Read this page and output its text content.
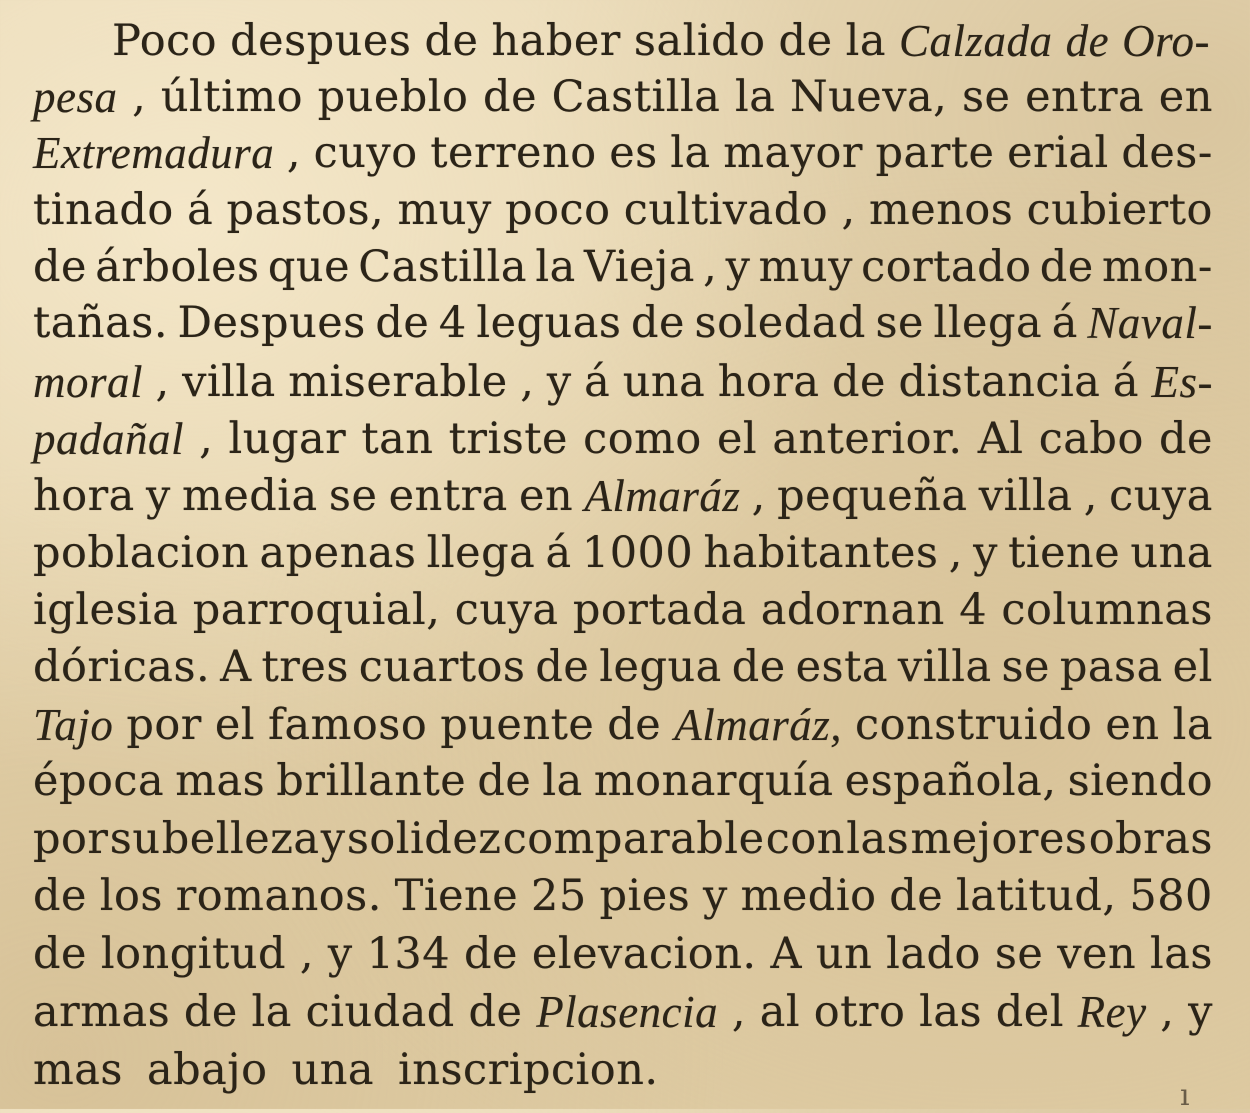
Poco despues de haber salido de la Calzada de Oro-
pesa , último pueblo de Castilla la Nueva, se entra en
Extremadura , cuyo terreno es la mayor parte erial des-
tinado á pastos, muy poco cultivado , menos cubierto
de árboles que Castilla la Vieja , y muy cortado de mon-
tañas. Despues de 4 leguas de soledad se llega á Naval-
moral , villa miserable , y á una hora de distancia á Es-
padañal , lugar tan triste como el anterior. Al cabo de
hora y media se entra en Almaráz , pequeña villa , cuya
poblacion apenas llega á 1000 habitantes , y tiene una
iglesia parroquial, cuya portada adornan 4 columnas
dóricas. A tres cuartos de legua de esta villa se pasa el
Tajo por el famoso puente de Almaráz, construido en la
época mas brillante de la monarquía española, siendo
por su belleza y solidez comparable con las mejores obras
de los romanos. Tiene 25 pies y medio de latitud, 580
de longitud , y 134 de elevacion. A un lado se ven las
armas de la ciudad de Plasencia , al otro las del Rey , y
mas abajo una inscripcion.
ı
